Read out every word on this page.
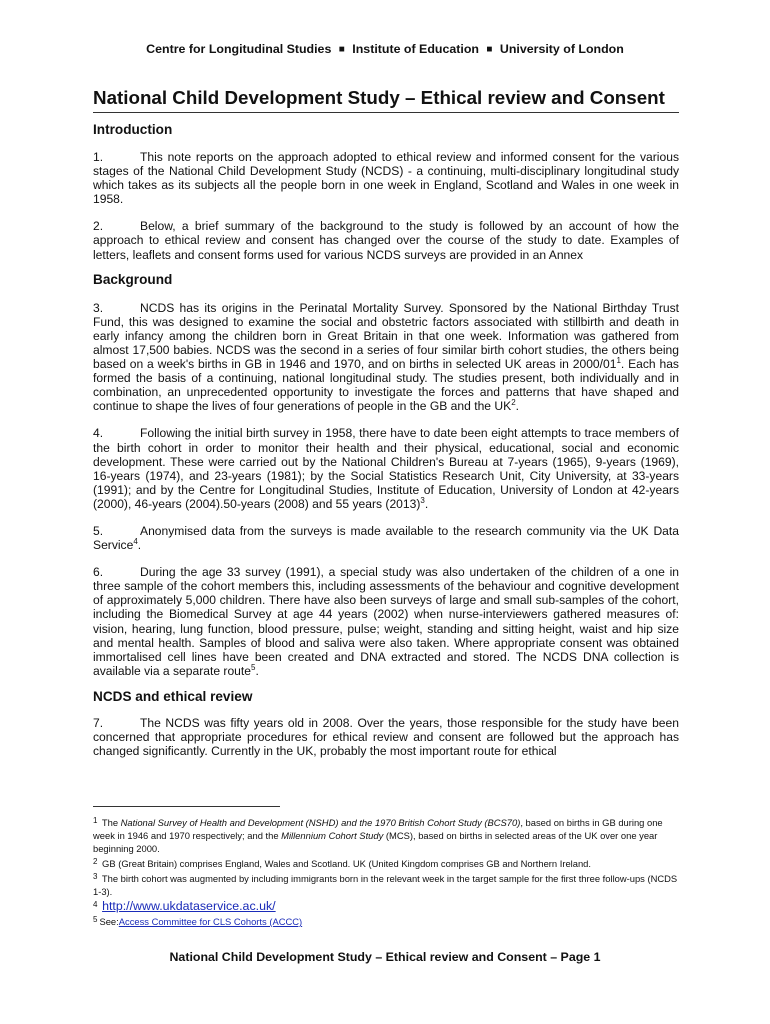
Centre for Longitudinal Studies ■ Institute of Education ■ University of London
National Child Development Study – Ethical review and Consent
Introduction

1.	This note reports on the approach adopted to ethical review and informed consent for the various stages of the National Child Development Study (NCDS) - a continuing, multi-disciplinary longitudinal study which takes as its subjects all the people born in one week in England, Scotland and Wales in one week in 1958.

2.	Below, a brief summary of the background to the study is followed by an account of how the approach to ethical review and consent has changed over the course of the study to date. Examples of letters, leaflets and consent forms used for various NCDS surveys are provided in an Annex

Background

3.	NCDS has its origins in the Perinatal Mortality Survey. Sponsored by the National Birthday Trust Fund, this was designed to examine the social and obstetric factors associated with stillbirth and death in early infancy among the children born in Great Britain in that one week. Information was gathered from almost 17,500 babies. NCDS was the second in a series of four similar birth cohort studies, the others being based on a week's births in GB in 1946 and 1970, and on births in selected UK areas in $2000/01^1$. Each has formed the basis of a continuing, national longitudinal study. The studies present, both individually and in combination, an unprecedented opportunity to investigate the forces and patterns that have shaped and continue to shape the lives of four generations of people in the GB and the $UK^2$.

4.	Following the initial birth survey in 1958, there have to date been eight attempts to trace members of the birth cohort in order to monitor their health and their physical, educational, social and economic development. These were carried out by the National Children's Bureau at 7-years (1965), 9-years (1969), 16-years (1974), and 23-years (1981); by the Social Statistics Research Unit, City University, at 33-years (1991); and by the Centre for Longitudinal Studies, Institute of Education, University of London at 42-years (2000), 46-years (2004).50-years (2008) and 55 years $(2013)^3$.

5.	Anonymised data from the surveys is made available to the research community via the UK Data Service$^4$.

6.	During the age 33 survey (1991), a special study was also undertaken of the children of a one in three sample of the cohort members this, including assessments of the behaviour and cognitive development of approximately 5,000 children. There have also been surveys of large and small sub-samples of the cohort, including the Biomedical Survey at age 44 years (2002) when nurse-interviewers gathered measures of: vision, hearing, lung function, blood pressure, pulse; weight, standing and sitting height, waist and hip size and mental health. Samples of blood and saliva were also taken. Where appropriate consent was obtained immortalised cell lines have been created and DNA extracted and stored. The NCDS DNA collection is available via a separate route$^5$.

NCDS and ethical review

7.	The NCDS was fifty years old in 2008. Over the years, those responsible for the study have been concerned that appropriate procedures for ethical review and consent are followed but the approach has changed significantly. Currently in the UK, probably the most important route for ethical

1 The National Survey of Health and Development (NSHD) and the 1970 British Cohort Study (BCS70), based on births in GB during one week in 1946 and 1970 respectively; and the Millennium Cohort Study (MCS), based on births in selected areas of the UK over one year beginning 2000.
2 GB (Great Britain) comprises England, Wales and Scotland. UK (United Kingdom comprises GB and Northern Ireland.
3 The birth cohort was augmented by including immigrants born in the relevant week in the target sample for the first three follow-ups (NCDS 1-3).
4 http://www.ukdataservice.ac.uk/
5 See:Access Committee for CLS Cohorts (ACCC)
National Child Development Study – Ethical review and Consent – Page 1
